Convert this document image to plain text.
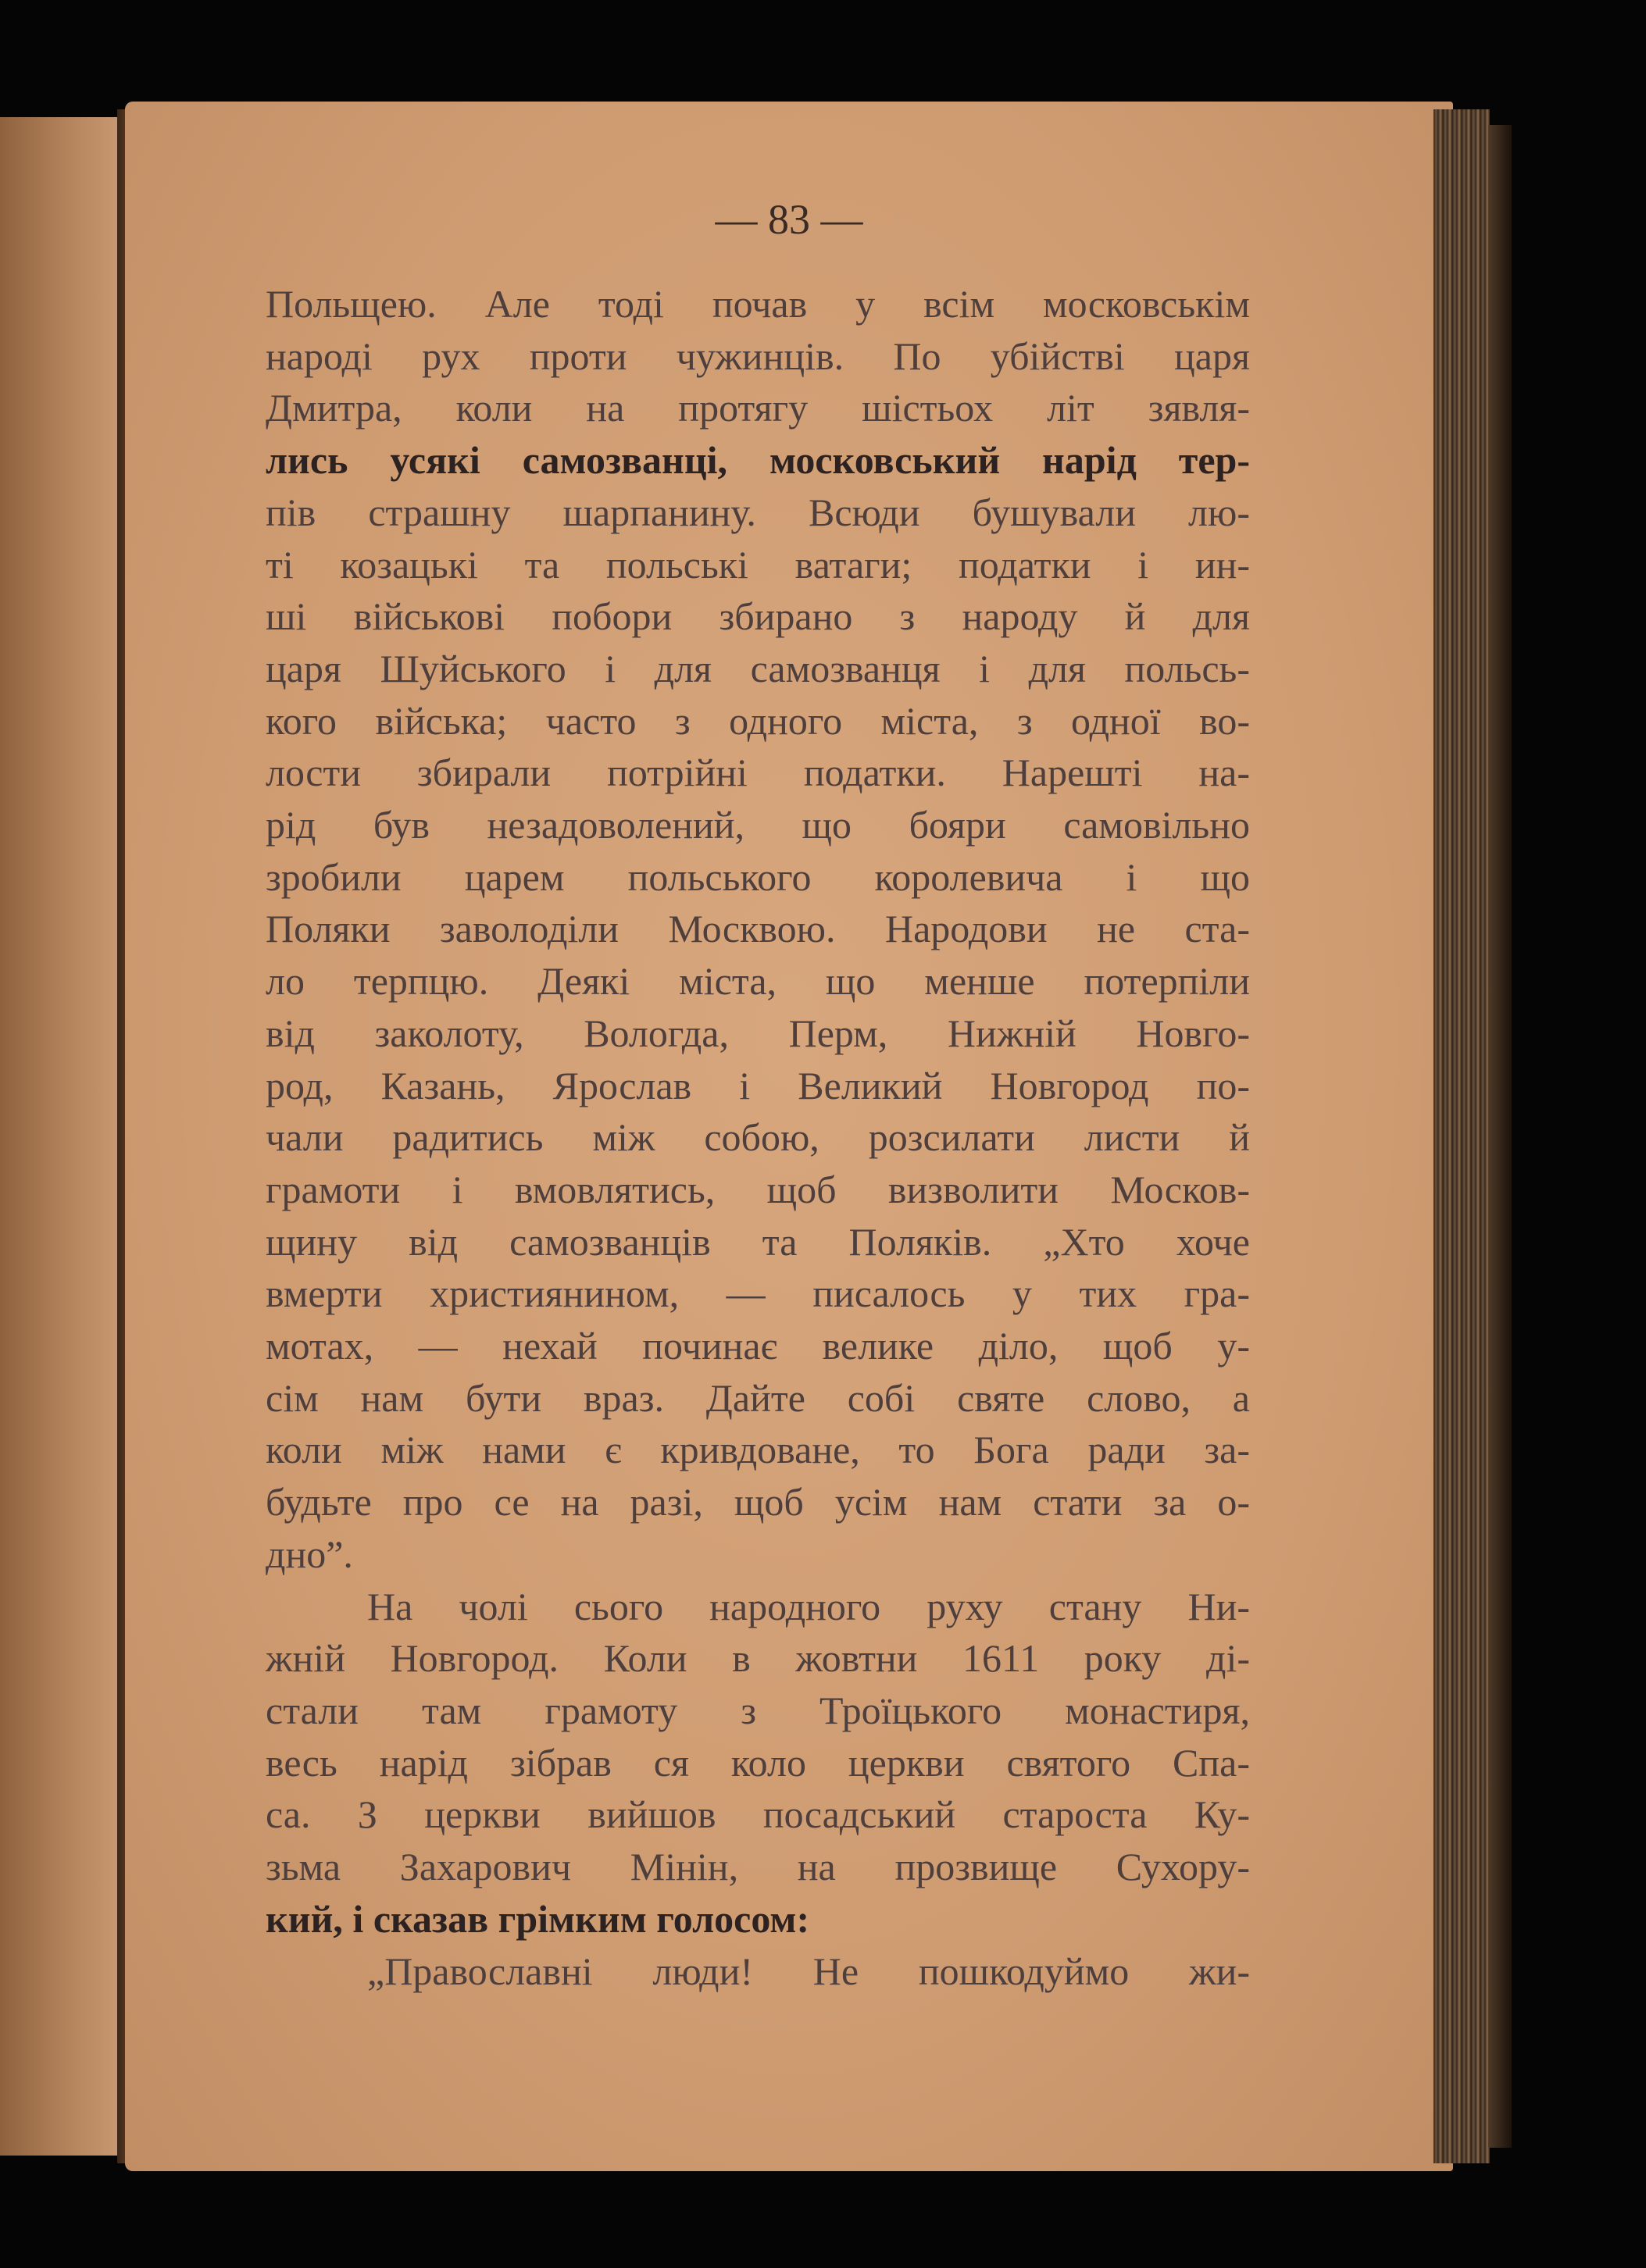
— 83 —
Польщею. Але тоді почав у всім московськім
народі рух проти чужинців. По убійстві царя
Дмитра, коли на протягу шістьох літ зявля-
лись усякі самозванці, московський нарід тер-
пів страшну шарпанину. Всюди бушували лю-
ті козацькі та польські ватаги; податки і ин-
ші військові побори збирано з народу й для
царя Шуйського і для самозванця і для польсь-
кого війська; часто з одного міста, з одної во-
лости збирали потрійні податки. Нарешті на-
рід був незадоволений, що бояри самовільно
зробили царем польського королевича і що
Поляки заволоділи Москвою. Народови не ста-
ло терпцю. Деякі міста, що менше потерпіли
від заколоту, Вологда, Перм, Нижній Новго-
род, Казань, Ярослав і Великий Новгород по-
чали радитись між собою, розсилати листи й
грамоти і вмовлятись, щоб визволити Москов-
щину від самозванців та Поляків. „Хто хоче
вмерти християнином, — писалось у тих гра-
мотах, — нехай починає велике діло, щоб у-
сім нам бути враз. Дайте собі святе слово, а
коли між нами є кривдоване, то Бога ради за-
будьте про се на разі, щоб усім нам стати за о-
дно”.
На чолі сього народного руху стану Ни-
жній Новгород. Коли в жовтни 1611 року ді-
стали там грамоту з Троїцького монастиря,
весь нарід зібрав ся коло церкви святого Спа-
са. З церкви вийшов посадський староста Ку-
зьма Захарович Мінін, на прозвище Сухору-
кий, і сказав грімким голосом:
„Православні люди! Не пошкодуймо жи-
